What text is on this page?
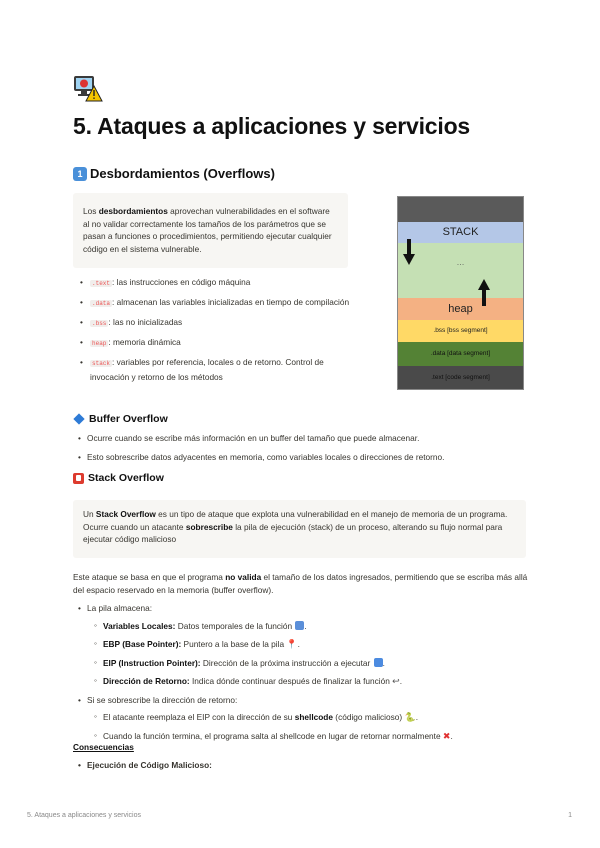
5. Ataques a aplicaciones y servicios
1 Desbordamientos (Overflows)
Los desbordamientos aprovechan vulnerabilidades en el software al no validar correctamente los tamaños de los parámetros que se pasan a funciones o procedimientos, permitiendo ejecutar cualquier código en el sistema vulnerable.
• .text : las instrucciones en código máquina
• .data : almacenan las variables inicializadas en tiempo de compilación
• .bss : las no inicializadas
• heap : memoria dinámica
• stack : variables por referencia, locales o de retorno. Control de invocación y retorno de los métodos
STACK
…
heap
.bss [bss segment]
.data [data segment]
.text [code segment]
Buffer Overflow
• Ocurre cuando se escribe más información en un buffer del tamaño que puede almacenar.
• Esto sobrescribe datos adyacentes en memoria, como variables locales o direcciones de retorno.
Stack Overflow
Un Stack Overflow es un tipo de ataque que explota una vulnerabilidad en el manejo de memoria de un programa. Ocurre cuando un atacante sobrescribe la pila de ejecución (stack) de un proceso, alterando su flujo normal para ejecutar código malicioso
Este ataque se basa en que el programa no valida el tamaño de los datos ingresados, permitiendo que se escriba más allá del espacio reservado en la memoria (buffer overflow).
• La pila almacena:
◦ Variables Locales: Datos temporales de la función .
◦ EBP (Base Pointer): Puntero a la base de la pila 📍.
◦ EIP (Instruction Pointer): Dirección de la próxima instrucción a ejecutar .
◦ Dirección de Retorno: Indica dónde continuar después de finalizar la función ↩.
• Si se sobrescribe la dirección de retorno:
◦ El atacante reemplaza el EIP con la dirección de su shellcode (código malicioso) 🐍.
◦ Cuando la función termina, el programa salta al shellcode en lugar de retornar normalmente ✖.
Consecuencias
• Ejecución de Código Malicioso:
5. Ataques a aplicaciones y servicios	1
